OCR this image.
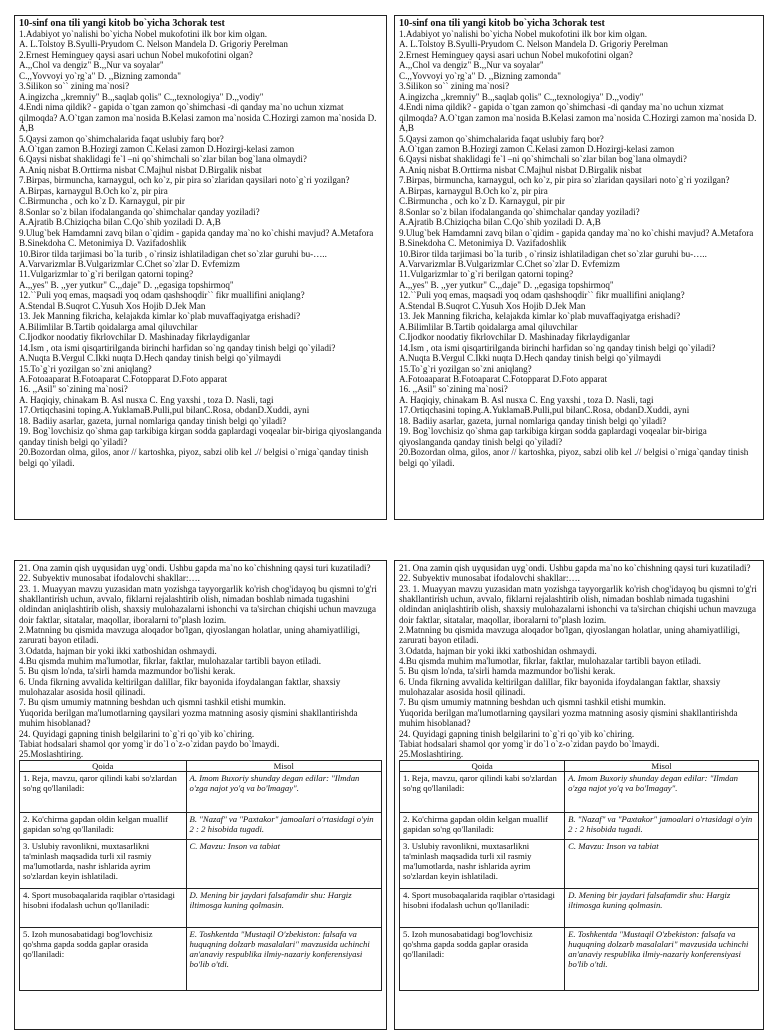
10-sinf ona tili yangi kitob bo`yicha 3chorak test
1.Adabiyot yo`nalishi bo`yicha Nobel mukofotini ilk bor kim olgan.
A. L.Tolstoy B.Syulli-Pryudom C. Nelson Mandela D. Grigoriy Perelman
2.Ernest Heminguey qaysi asari uchun Nobel mukofotini olgan?
A.,,Chol va dengiz" B.,,Nur va soyalar"
C.,,Yovvoyi yo`rg`a" D. ,,Bizning zamonda"
3.Silikon so`` zining ma`nosi?
A.ingizcha ,,kremniy" B.,,saqlab qolis" C.,,texnologiya" D.,,vodiy"
4.Endi nima qildik? - gapida o`tgan zamon qo`shimchasi -di qanday ma`no uchun xizmat qilmoqda? A.O`tgan zamon ma`nosida B.Kelasi zamon ma`nosida C.Hozirgi zamon ma`nosida D. A,B
5.Qaysi zamon qo`shimchalarida faqat uslubiy farq bor?
A.O`tgan zamon B.Hozirgi zamon C.Kelasi zamon D.Hozirgi-kelasi zamon
6.Qaysi nisbat shaklidagi fe`l –ni qo`shimchali so`zlar bilan bog`lana olmaydi?
A.Aniq nisbat B.Orttirma nisbat C.Majhul nisbat D.Birgalik nisbat
7.Birpas, birmuncha, karnaygul, och ko`z, pir pira so`zlaridan qaysilari noto`g`ri yozilgan? A.Birpas, karnaygul B.Och ko`z, pir pira
C.Birmuncha , och ko`z D. Karnaygul, pir pir
8.Sonlar so`z bilan ifodalanganda qo`shimchalar qanday yoziladi?
A.Ajratib B.Chiziqcha bilan C.Qo`shib yoziladi D. A,B
9.Ulug`bek Hamdamni zavq bilan o`qidim - gapida qanday ma`no ko`chishi mavjud? A.Metafora B.Sinekdoha C. Metonimiya D. Vazifadoshlik
10.Biror tilda tarjimasi bo`la turib , o`rinsiz ishlatiladigan chet so`zlar guruhi bu-….. A.Varvarizmlar B.Vulgarizmlar C.Chet so`zlar D. Evfemizm
11.Vulgarizmlar to`g`ri berilgan qatorni toping?
A.,,yes" B. ,,yer yutkur" C.,,daje" D. ,,egasiga topshirmoq"
12.``Puli yoq emas, maqsadi yoq odam qashshoqdir`` fikr muallifini aniqlang?
A.Stendal B.Suqrot C.Yusuh Xos Hojib D.Jek Man
13. Jek Manning fikricha, kelajakda kimlar ko`plab muvaffaqiyatga erishadi?
A.Bilimlilar B.Tartib qoidalarga amal qiluvchilar
C.Ijodkor noodatiy fikrlovchilar D. Mashinaday fikrlaydiganlar
14.Ism , ota ismi qisqartirilganda birinchi harfidan so`ng qanday tinish belgi qo`yiladi?
A.Nuqta B.Vergul C.Ikki nuqta D.Hech qanday tinish belgi qo`yilmaydi
15.To`g`ri yozilgan so`zni aniqlang?
A.Fotoaaparat B.Fotoaparat C.Fotopparat D.Foto apparat
16. ,,Asil" so`zining ma`nosi?
A. Haqiqiy, chinakam B. Asl nusxa C. Eng yaxshi , toza D. Nasli, tagi
17.Ortiqchasini toping.A.YuklamaB.Pulli,pul bilanC.Rosa, obdanD.Xuddi, ayni
18. Badiiy asarlar, gazeta, jurnal nomlariga qanday tinish belgi qo`yiladi?
19. Bog`lovchisiz qo`shma gap tarkibiga kirgan sodda gaplardagi voqealar bir-biriga qiyoslanganda qanday tinish belgi qo`yiladi?
20.Bozordan olma, gilos, anor // kartoshka, piyoz, sabzi olib kel .// belgisi o`rniga`qanday tinish belgi qo`yiladi.
10-sinf ona tili yangi kitob bo`yicha 3chorak test
1.Adabiyot yo`nalishi bo`yicha Nobel mukofotini ilk bor kim olgan.
A. L.Tolstoy B.Syulli-Pryudom C. Nelson Mandela D. Grigoriy Perelman
2.Ernest Heminguey qaysi asari uchun Nobel mukofotini olgan?
A.,,Chol va dengiz" B.,,Nur va soyalar"
C.,,Yovvoyi yo`rg`a" D. ,,Bizning zamonda"
3.Silikon so`` zining ma`nosi?
A.ingizcha ,,kremniy" B.,,saqlab qolis" C.,,texnologiya" D.,,vodiy"
4.Endi nima qildik? - gapida o`tgan zamon qo`shimchasi -di qanday ma`no uchun xizmat qilmoqda? A.O`tgan zamon ma`nosida B.Kelasi zamon ma`nosida C.Hozirgi zamon ma`nosida D. A,B
5.Qaysi zamon qo`shimchalarida faqat uslubiy farq bor?
A.O`tgan zamon B.Hozirgi zamon C.Kelasi zamon D.Hozirgi-kelasi zamon
6.Qaysi nisbat shaklidagi fe`l –ni qo`shimchali so`zlar bilan bog`lana olmaydi?
A.Aniq nisbat B.Orttirma nisbat C.Majhul nisbat D.Birgalik nisbat
7.Birpas, birmuncha, karnaygul, och ko`z, pir pira so`zlaridan qaysilari noto`g`ri yozilgan? A.Birpas, karnaygul B.Och ko`z, pir pira
C.Birmuncha , och ko`z D. Karnaygul, pir pir
8.Sonlar so`z bilan ifodalanganda qo`shimchalar qanday yoziladi?
A.Ajratib B.Chiziqcha bilan C.Qo`shib yoziladi D. A,B
9.Ulug`bek Hamdamni zavq bilan o`qidim - gapida qanday ma`no ko`chishi mavjud? A.Metafora B.Sinekdoha C. Metonimiya D. Vazifadoshlik
10.Biror tilda tarjimasi bo`la turib , o`rinsiz ishlatiladigan chet so`zlar guruhi bu-….. A.Varvarizmlar B.Vulgarizmlar C.Chet so`zlar D. Evfemizm
11.Vulgarizmlar to`g`ri berilgan qatorni toping?
A.,,yes" B. ,,yer yutkur" C.,,daje" D. ,,egasiga topshirmoq"
12.``Puli yoq emas, maqsadi yoq odam qashshoqdir`` fikr muallifini aniqlang?
A.Stendal B.Suqrot C.Yusuh Xos Hojib D.Jek Man
13. Jek Manning fikricha, kelajakda kimlar ko`plab muvaffaqiyatga erishadi?
A.Bilimlilar B.Tartib qoidalarga amal qiluvchilar
C.Ijodkor noodatiy fikrlovchilar D. Mashinaday fikrlaydiganlar
14.Ism , ota ismi qisqartirilganda birinchi harfidan so`ng qanday tinish belgi qo`yiladi?
A.Nuqta B.Vergul C.Ikki nuqta D.Hech qanday tinish belgi qo`yilmaydi
15.To`g`ri yozilgan so`zni aniqlang?
A.Fotoaaparat B.Fotoaparat C.Fotopparat D.Foto apparat
16. ,,Asil" so`zining ma`nosi?
A. Haqiqiy, chinakam B. Asl nusxa C. Eng yaxshi , toza D. Nasli, tagi
17.Ortiqchasini toping.A.YuklamaB.Pulli,pul bilanC.Rosa, obdanD.Xuddi, ayni
18. Badiiy asarlar, gazeta, jurnal nomlariga qanday tinish belgi qo`yiladi?
19. Bog`lovchisiz qo`shma gap tarkibiga kirgan sodda gaplardagi voqealar bir-biriga qiyoslanganda qanday tinish belgi qo`yiladi?
20.Bozordan olma, gilos, anor // kartoshka, piyoz, sabzi olib kel .// belgisi o`rniga`qanday tinish belgi qo`yiladi.
21. Ona zamin qish uyqusidan uyg`ondi. Ushbu gapda ma`no ko`chishning qaysi turi kuzatiladi?
22. Subyektiv munosabat ifodalovchi shakllar:….
23. 1. Muayyan mavzu yuzasidan matn yozishga tayyorgarlik ko'rish chog'idayoq bu qismni to'g'ri shakllantirish uchun, avvalo, fiklarni rejalashtirib olish, nimadan boshlab nimada tugashini oldindan aniqlashtirib olish, shaxsiy mulohazalarni ishonchi va ta'sirchan chiqishi uchun mavzuga doir faktlar, sitatalar, maqollar, iboralarni to"plash lozim.
2.Matnning bu qismida mavzuga aloqador bo'lgan, qiyoslangan holatlar, uning ahamiyatliligi, zarurati bayon etiladi.
3.Odatda, hajman bir yoki ikki xatboshidan oshmaydi.
4.Bu qismda muhim ma'lumotlar, fikrlar, faktlar, mulohazalar tartibli bayon etiladi.
5. Bu qism lo'nda, ta'sirli hamda mazmundor bo'lishi kerak.
6. Unda fikrning avvalida keltirilgan dalillar, fikr bayonida ifoydalangan faktlar, shaxsiy mulohazalar asosida hosil qilinadi.
7. Bu qism umumiy matnning beshdan uch qismni tashkil etishi mumkin.
Yuqorida berilgan ma'lumotlarning qaysilari yozma matnning asosiy qismini shakllantirishda muhim hisoblanad?
24. Quyidagi gapning tinish belgilarini to`g`ri qo`yib ko`chiring.
Tabiat hodsalari shamol qor yomg`ir do`l o`z-o`zidan paydo bo`lmaydi.
25.Moslashtiring.
Qoida	Misol
1. Reja, mavzu, qaror qilindi kabi so'zlardan so'ng qo'llaniladi:	A. Imom Buxoriy shunday degan edilar: "Ilmdan o'zga najot yo'q va bo'lmagay".
2. Ko'chirma gapdan oldin kelgan muallif gapidan so'ng qo'llaniladi:	B. "Nazaf" va "Paxtakor" jamoalari o'rtasidagi o'yin 2 : 2 hisobida tugadi.
3. Uslubiy ravonlikni, muxtasarlikni ta'minlash maqsadida turli xil rasmiy ma'lumotlarda, nashr ishlarida ayrim so'zlardan keyin ishlatiladi.	C. Mavzu: Inson va tabiat
4. Sport musobaqalarida raqiblar o'rtasidagi hisobni ifodalash uchun qo'llaniladi:	D. Mening bir jaydari falsafamdir shu: Hargiz iltimosga kuning qolmasin.
5. Izoh munosabatidagi bog'lovchisiz qo'shma gapda sodda gaplar orasida qo'llaniladi:	E. Toshkentda "Mustaqil O'zbekiston: falsafa va huquqning dolzarb masalalari" mavzusida uchinchi an'anaviy respublika ilmiy-nazariy konferensiyasi bo'lib o'tdi.
21. Ona zamin qish uyqusidan uyg`ondi. Ushbu gapda ma`no ko`chishning qaysi turi kuzatiladi?
22. Subyektiv munosabat ifodalovchi shakllar:….
23. 1. Muayyan mavzu yuzasidan matn yozishga tayyorgarlik ko'rish chog'idayoq bu qismni to'g'ri shakllantirish uchun, avvalo, fiklarni rejalashtirib olish, nimadan boshlab nimada tugashini oldindan aniqlashtirib olish, shaxsiy mulohazalarni ishonchi va ta'sirchan chiqishi uchun mavzuga doir faktlar, sitatalar, maqollar, iboralarni to"plash lozim.
2.Matnning bu qismida mavzuga aloqador bo'lgan, qiyoslangan holatlar, uning ahamiyatliligi, zarurati bayon etiladi.
3.Odatda, hajman bir yoki ikki xatboshidan oshmaydi.
4.Bu qismda muhim ma'lumotlar, fikrlar, faktlar, mulohazalar tartibli bayon etiladi.
5. Bu qism lo'nda, ta'sirli hamda mazmundor bo'lishi kerak.
6. Unda fikrning avvalida keltirilgan dalillar, fikr bayonida ifoydalangan faktlar, shaxsiy mulohazalar asosida hosil qilinadi.
7. Bu qism umumiy matnning beshdan uch qismni tashkil etishi mumkin.
Yuqorida berilgan ma'lumotlarning qaysilari yozma matnning asosiy qismini shakllantirishda muhim hisoblanad?
24. Quyidagi gapning tinish belgilarini to`g`ri qo`yib ko`chiring.
Tabiat hodsalari shamol qor yomg`ir do`l o`z-o`zidan paydo bo`lmaydi.
25.Moslashtiring.
Qoida	Misol
1. Reja, mavzu, qaror qilindi kabi so'zlardan so'ng qo'llaniladi:	A. Imom Buxoriy shunday degan edilar: "Ilmdan o'zga najot yo'q va bo'lmagay".
2. Ko'chirma gapdan oldin kelgan muallif gapidan so'ng qo'llaniladi:	B. "Nazaf" va "Paxtakor" jamoalari o'rtasidagi o'yin 2 : 2 hisobida tugadi.
3. Uslubiy ravonlikni, muxtasarlikni ta'minlash maqsadida turli xil rasmiy ma'lumotlarda, nashr ishlarida ayrim so'zlardan keyin ishlatiladi.	C. Mavzu: Inson va tabiat
4. Sport musobaqalarida raqiblar o'rtasidagi hisobni ifodalash uchun qo'llaniladi:	D. Mening bir jaydari falsafamdir shu: Hargiz iltimosga kuning qolmasin.
5. Izoh munosabatidagi bog'lovchisiz qo'shma gapda sodda gaplar orasida qo'llaniladi:	E. Toshkentda "Mustaqil O'zbekiston: falsafa va huquqning dolzarb masalalari" mavzusida uchinchi an'anaviy respublika ilmiy-nazariy konferensiyasi bo'lib o'tdi.
